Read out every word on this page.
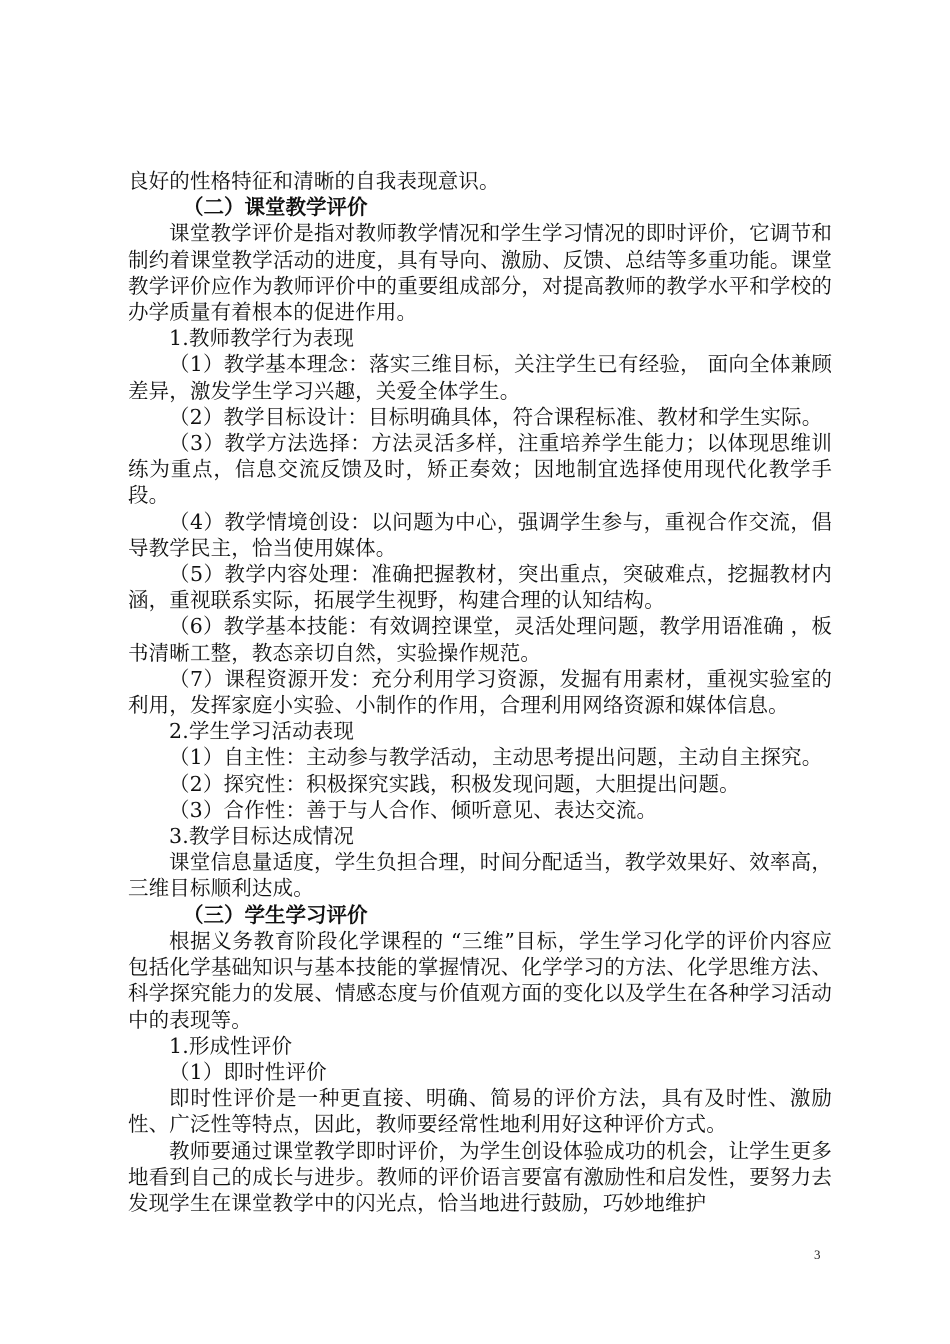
良好的性格特征和清晰的自我表现意识。

（二）课堂教学评价

课堂教学评价是指对教师教学情况和学生学习情况的即时评价，它调节和制约着课堂教学活动的进度，具有导向、激励、反馈、总结等多重功能。课堂教学评价应作为教师评价中的重要组成部分，对提高教师的教学水平和学校的办学质量有着根本的促进作用。

1.教师教学行为表现

（1）教学基本理念：落实三维目标，关注学生已有经验， 面向全体兼顾差异，激发学生学习兴趣，关爱全体学生。

（2）教学目标设计：目标明确具体，符合课程标准、教材和学生实际。

（3）教学方法选择：方法灵活多样，注重培养学生能力；以体现思维训练为重点，信息交流反馈及时，矫正奏效；因地制宜选择使用现代化教学手段。

（4）教学情境创设：以问题为中心，强调学生参与，重视合作交流，倡导教学民主，恰当使用媒体。

（5）教学内容处理：准确把握教材，突出重点，突破难点，挖掘教材内涵，重视联系实际，拓展学生视野，构建合理的认知结构。

（6）教学基本技能：有效调控课堂，灵活处理问题，教学用语准确 ，板书清晰工整，教态亲切自然，实验操作规范。

（7）课程资源开发：充分利用学习资源，发掘有用素材，重视实验室的利用，发挥家庭小实验、小制作的作用，合理利用网络资源和媒体信息。

2.学生学习活动表现

（1）自主性：主动参与教学活动，主动思考提出问题，主动自主探究。

（2）探究性：积极探究实践，积极发现问题，大胆提出问题。

（3）合作性：善于与人合作、倾听意见、表达交流。

3.教学目标达成情况

课堂信息量适度，学生负担合理，时间分配适当，教学效果好、效率高，三维目标顺利达成。

（三）学生学习评价

根据义务教育阶段化学课程的 “三维”目标，学生学习化学的评价内容应包括化学基础知识与基本技能的掌握情况、化学学习的方法、化学思维方法、科学探究能力的发展、情感态度与价值观方面的变化以及学生在各种学习活动中的表现等。

1.形成性评价

（1）即时性评价

即时性评价是一种更直接、明确、简易的评价方法，具有及时性、激励性、广泛性等特点，因此，教师要经常性地利用好这种评价方式。

教师要通过课堂教学即时评价，为学生创设体验成功的机会，让学生更多地看到自己的成长与进步。教师的评价语言要富有激励性和启发性，要努力去发现学生在课堂教学中的闪光点，恰当地进行鼓励，巧妙地维护

3
